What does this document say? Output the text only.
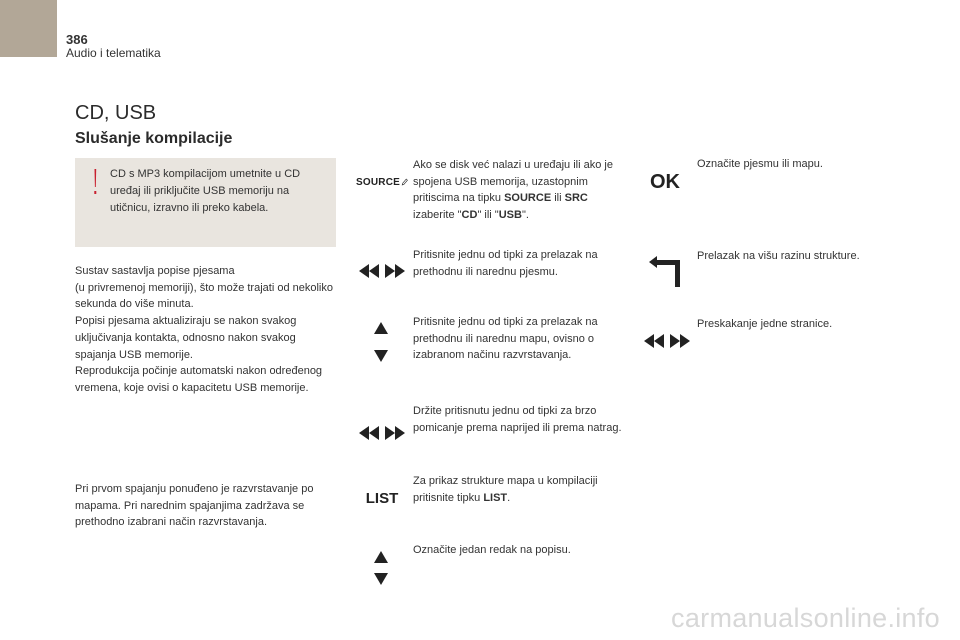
386
Audio i telematika
CD, USB
Slušanje kompilacije
CD s MP3 kompilacijom umetnite u CD uređaj ili priključite USB memoriju na utičnicu, izravno ili preko kabela.
Sustav sastavlja popise pjesama
(u privremenoj memoriji), što može trajati od nekoliko sekunda do više minuta.
Popisi pjesama aktualiziraju se nakon svakog uključivanja kontakta, odnosno nakon svakog spajanja USB memorije.
Reprodukcija počinje automatski nakon određenog vremena, koje ovisi o kapacitetu USB memorije.
Pri prvom spajanju ponuđeno je razvrstavanje po mapama. Pri narednim spajanjima zadržava se prethodno izabrani način razvrstavanja.
SOURCE
Ako se disk već nalazi u uređaju ili ako je spojena USB memorija, uzastopnim pritiscima na tipku SOURCE ili SRC izaberite "CD" ili "USB".
Pritisnite jednu od tipki za prelazak na prethodnu ili narednu pjesmu.
Pritisnite jednu od tipki za prelazak na prethodnu ili narednu mapu, ovisno o izabranom načinu razvrstavanja.
Držite pritisnutu jednu od tipki za brzo pomicanje prema naprijed ili prema natrag.
LIST
Za prikaz strukture mapa u kompilaciji pritisnite tipku LIST.
Označite jedan redak na popisu.
OK
Označite pjesmu ili mapu.
Prelazak na višu razinu strukture.
Preskakanje jedne stranice.
carmanualsonline.info
